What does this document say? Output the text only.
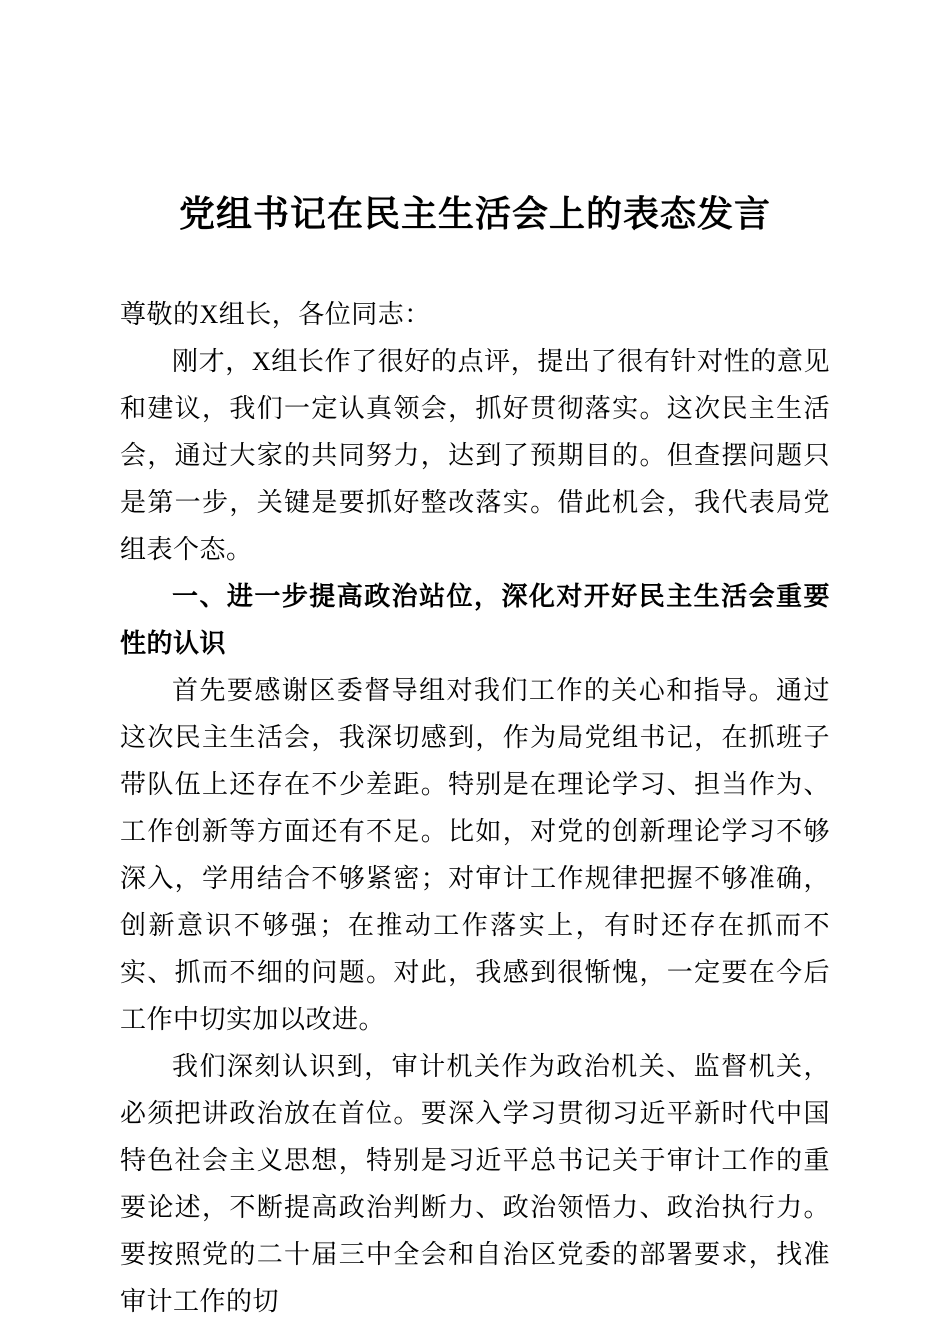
党组书记在民主生活会上的表态发言

尊敬的X组长，各位同志：

刚才，X组长作了很好的点评，提出了很有针对性的意见和建议，我们一定认真领会，抓好贯彻落实。这次民主生活会，通过大家的共同努力，达到了预期目的。但查摆问题只是第一步，关键是要抓好整改落实。借此机会，我代表局党组表个态。

一、进一步提高政治站位，深化对开好民主生活会重要性的认识

首先要感谢区委督导组对我们工作的关心和指导。通过这次民主生活会，我深切感到，作为局党组书记，在抓班子带队伍上还存在不少差距。特别是在理论学习、担当作为、工作创新等方面还有不足。比如，对党的创新理论学习不够深入，学用结合不够紧密；对审计工作规律把握不够准确，创新意识不够强；在推动工作落实上，有时还存在抓而不实、抓而不细的问题。对此，我感到很惭愧，一定要在今后工作中切实加以改进。

我们深刻认识到，审计机关作为政治机关、监督机关，必须把讲政治放在首位。要深入学习贯彻习近平新时代中国特色社会主义思想，特别是习近平总书记关于审计工作的重要论述，不断提高政治判断力、政治领悟力、政治执行力。要按照党的二十届三中全会和自治区党委的部署要求，找准审计工作的切
